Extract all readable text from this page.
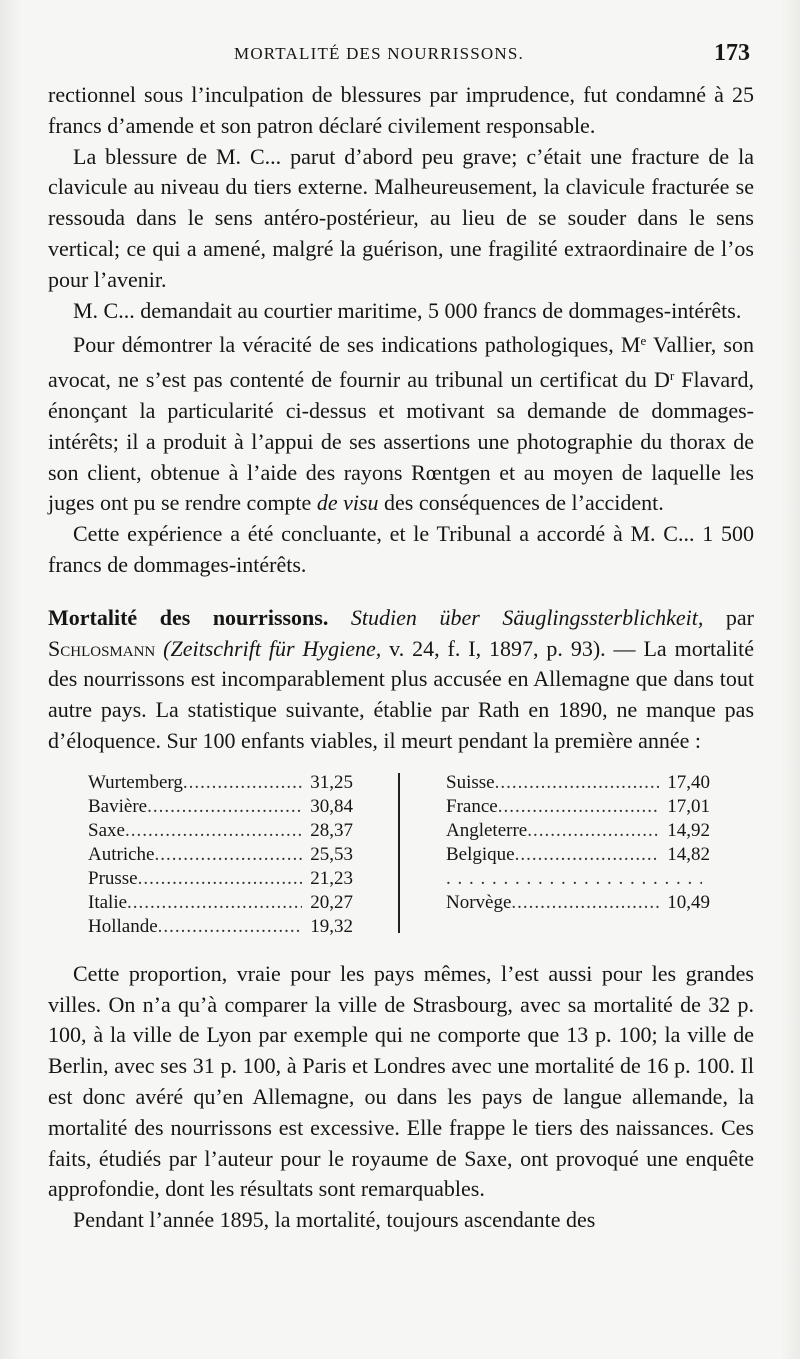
MORTALITÉ DES NOURRISSONS.	173

rectionnel sous l’inculpation de blessures par imprudence, fut condamné à 25 francs d’amende et son patron déclaré civilement responsable.

La blessure de M. C... parut d’abord peu grave; c’était une fracture de la clavicule au niveau du tiers externe. Malheureusement, la clavicule fracturée se ressouda dans le sens antéro-postérieur, au lieu de se souder dans le sens vertical; ce qui a amené, malgré la guérison, une fragilité extraordinaire de l’os pour l’avenir.

M. C... demandait au courtier maritime, 5 000 francs de dommages-intérêts.

Pour démontrer la véracité de ses indications pathologiques, Me Vallier, son avocat, ne s’est pas contenté de fournir au tribunal un certificat du $D^r$ Flavard, énonçant la particularité ci-dessus et motivant sa demande de dommages-intérêts; il a produit à l’appui de ses assertions une photographie du thorax de son client, obtenue à l’aide des rayons Rœntgen et au moyen de laquelle les juges ont pu se rendre compte de visu des conséquences de l’accident.

Cette expérience a été concluante, et le Tribunal a accordé à M. C... 1 500 francs de dommages-intérêts.

Mortalité des nourrissons. Studien über Säuglingssterblichkeit, par Schlosmann (Zeitschrift für Hygiene, v. 24, f. I, 1897, p. 93). — La mortalité des nourrissons est incomparablement plus accusée en Allemagne que dans tout autre pays. La statistique suivante, établie par Rath en 1890, ne manque pas d’éloquence. Sur 100 enfants viables, il meurt pendant la première année :

Wurtemberg .....	31,25
Bavière .....	30,84
Saxe .....	28,37
Autriche .....	25,53
Prusse .....	21,23
Italie .....	20,27
Hollande .....	19,32
Suisse .....	17,40
France .....	17,01
Angleterre .....	14,92
Belgique .....	14,82
. . .
Norvège .....	10,49

Cette proportion, vraie pour les pays mêmes, l’est aussi pour les grandes villes. On n’a qu’à comparer la ville de Strasbourg, avec sa mortalité de 32 p. 100, à la ville de Lyon par exemple qui ne comporte que 13 p. 100; la ville de Berlin, avec ses 31 p. 100, à Paris et Londres avec une mortalité de 16 p. 100. Il est donc avéré qu’en Allemagne, ou dans les pays de langue allemande, la mortalité des nourrissons est excessive. Elle frappe le tiers des naissances. Ces faits, étudiés par l’auteur pour le royaume de Saxe, ont provoqué une enquête approfondie, dont les résultats sont remarquables.

Pendant l’année 1895, la mortalité, toujours ascendante des
